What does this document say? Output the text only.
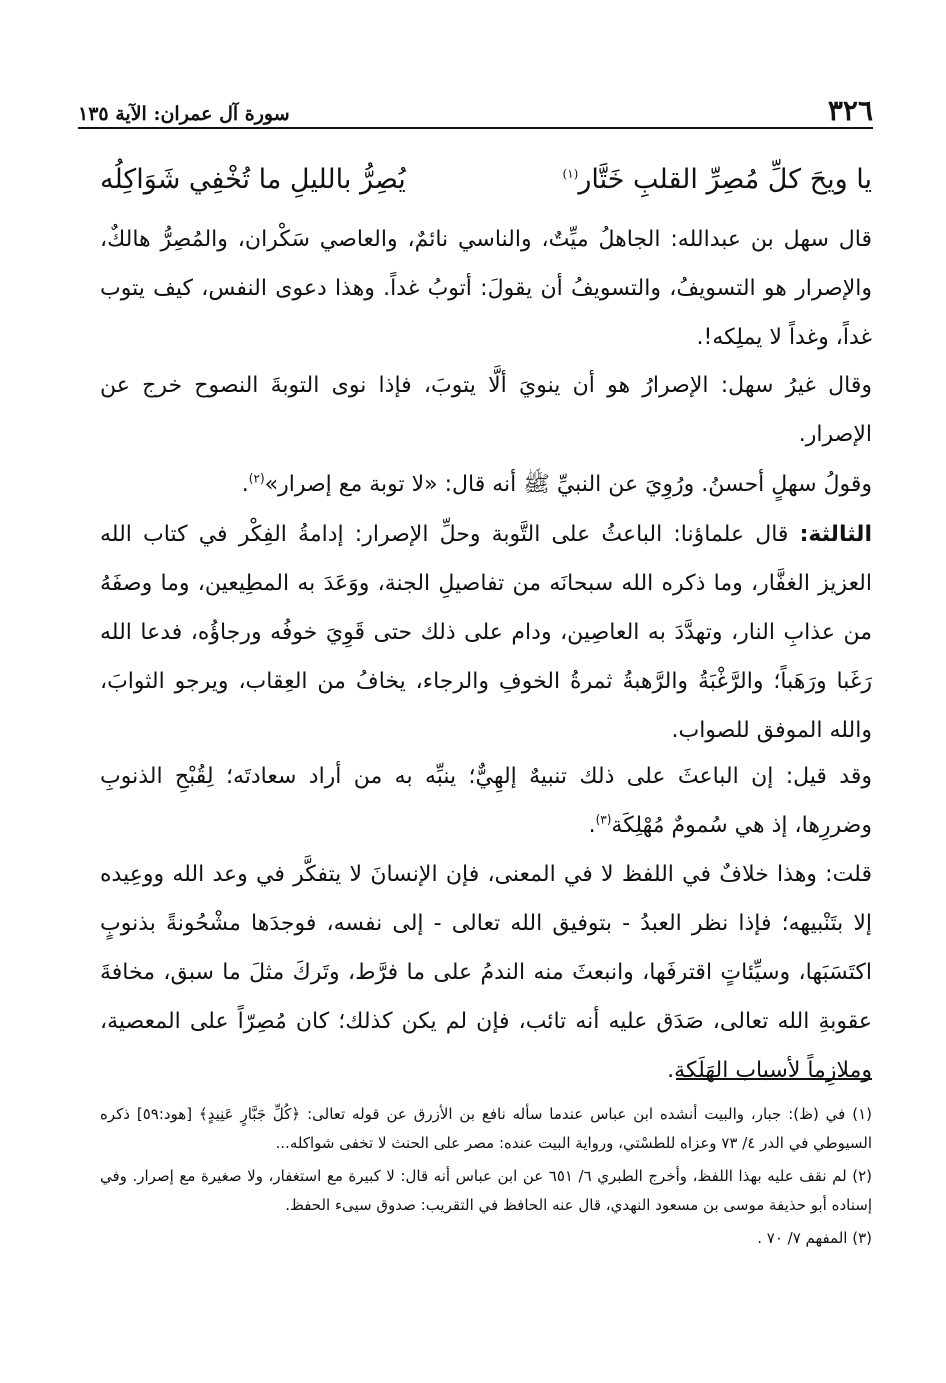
٣٢٦
سورة آل عمران: الآية ١٣٥
يا ويحَ كلِّ مُصِرِّ القلبِ خَتَّار$^{(١)}$
يُصِرُّ بالليلِ ما تُخْفِي شَوَاكِلُه

قال سهل بن عبدالله: الجاهلُ ميِّتٌ، والناسي نائمٌ، والعاصي سَكْران، والمُصِرُّ هالكٌ، والإصرار هو التسويفُ، والتسويفُ أن يقولَ: أتوبُ غداً. وهذا دعوى النفس، كيف يتوب غداً، وغداً لا يملِكه!.

وقال غيرُ سهل: الإصرارُ هو أن ينويَ ألَّا يتوبَ، فإذا نوى التوبةَ النصوح خرج عن الإصرار.

وقولُ سهلٍ أحسنُ. ورُوِيَ عن النبيِّ ﷺ أنه قال: «لا توبة مع إصرار»$^{(٢)}$.

الثالثة: قال علماؤنا: الباعثُ على التَّوبة وحلِّ الإصرار: إدامةُ الفِكْر في كتاب الله العزيز الغفَّار، وما ذكره الله سبحانَه من تفاصيلِ الجنة، ووَعَدَ به المطِيعين، وما وصفَهُ من عذابِ النار، وتهدَّدَ به العاصِين، ودام على ذلك حتى قَوِيَ خوفُه ورجاؤُه، فدعا الله رَغَبا ورَهَباً؛ والرَّغْبَةُ والرَّهبةُ ثمرةُ الخوفِ والرجاء، يخافُ من العِقاب، ويرجو الثوابَ، والله الموفق للصواب.

وقد قيل: إن الباعثَ على ذلك تنبيهٌ إلهِيٌّ؛ ينبِّه به من أراد سعادتَه؛ لِقُبْحِ الذنوبِ وضررِها، إذ هي سُمومٌ مُهْلِكَة$^{(٣)}$.

قلت: وهذا خلافٌ في اللفظ لا في المعنى، فإن الإنسانَ لا يتفكَّر في وعد الله ووعِيده إلا بتَنْبيهه؛ فإذا نظر العبدُ - بتوفيق الله تعالى - إلى نفسه، فوجدَها مشْحُونةً بذنوبٍ اكتَسَبَها، وسيِّئاتٍ اقترفَها، وانبعثَ منه الندمُ على ما فرَّط، وتَركَ مثلَ ما سبق، مخافةَ عقوبةِ الله تعالى، صَدَق عليه أنه تائب، فإن لم يكن كذلك؛ كان مُصِرّاً على المعصية، وملازِماً لأسباب الهَلَكة.

(١) في (ظ): جبار، والبيت أنشده ابن عباس عندما سأله نافع بن الأزرق عن قوله تعالى: ﴿كُلِّ جَبَّارٍ عَنِيدٍ﴾ [هود:٥٩] ذكره السيوطي في الدر ٤/ ٧٣ وعزاه للطسْتي، ورواية البيت عنده: مصر على الحنث لا تخفى شواكله...

(٢) لم نقف عليه بهذا اللفظ، وأخرج الطبري ٦/ ٦٥١ عن ابن عباس أنه قال: لا كبيرة مع استغفار، ولا صغيرة مع إصرار. وفي إسناده أبو حذيفة موسى بن مسعود النهدي، قال عنه الحافظ في التقريب: صدوق سيىء الحفظ.

(٣) المفهم ٧/ ٧٠ .
